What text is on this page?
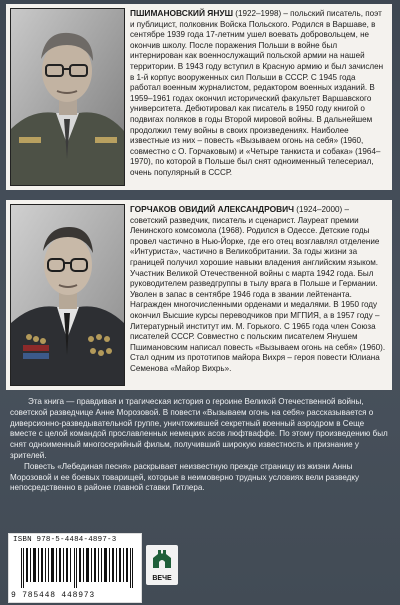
ПШИМАНОВСКИЙ ЯНУШ (1922–1998) – польский писатель, поэт и публицист, полковник Войска Польского. Родился в Варшаве, в сентябре 1939 года 17-летним ушел воевать добровольцем, не окончив школу. После поражения Польши в войне был интернирован как военнослужащий польской армии на нашей территории. В 1943 году вступил в Красную армию и был зачислен в 1-й корпус вооруженных сил Польши в СССР. С 1945 года работал военным журналистом, редактором военных изданий. В 1959–1961 годах окончил исторический факультет Варшавского университета. Дебютировал как писатель в 1950 году книгой о подвигах поляков в годы Второй мировой войны. В дальнейшем продолжил тему войны в своих произведениях. Наиболее известные из них – повесть «Вызываем огонь на себя» (1960, совместно с О. Горчаковым) и «Четыре танкиста и собака» (1964–1970), по которой в Польше был снят одноименный телесериал, очень популярный в СССР.

ГОРЧАКОВ ОВИДИЙ АЛЕКСАНДРОВИЧ (1924–2000) – советский разведчик, писатель и сценарист. Лауреат премии Ленинского комсомола (1968). Родился в Одессе. Детские годы провел частично в Нью-Йорке, где его отец возглавлял отделение «Интуриста», частично в Великобритании. За годы жизни за границей получил хорошие навыки владения английским языком. Участник Великой Отечественной войны с марта 1942 года. Был руководителем разведгруппы в тылу врага в Польше и Германии. Уволен в запас в сентябре 1946 года в звании лейтенанта. Награжден многочисленными орденами и медалями. В 1950 году окончил Высшие курсы переводчиков при МГПИЯ, а в 1957 году – Литературный институт им. М. Горького. С 1965 года член Союза писателей СССР. Совместно с польским писателем Янушем Пшимановским написал повесть «Вызываем огонь на себя» (1960). Стал одним из прототипов майора Вихря – героя повести Юлиана Семенова «Майор Вихрь».

Эта книга — правдивая и трагическая история о героине Великой Отечественной войны, советской разведчице Анне Морозовой. В повести «Вызываем огонь на себя» рассказывается о диверсионно-разведывательной группе, уничтожившей секретный военный аэродром в Сеще вместе с целой командой прославленных немецких асов люфтваффе. По этому произведению был снят одноименный многосерийный фильм, получивший широкую известность и признание у зрителей.

Повесть «Лебединая песня» раскрывает неизвестную прежде страницу из жизни Анны Морозовой и ее боевых товарищей, которые в неимоверно трудных условиях вели разведку непосредственно в районе главной ставки Гитлера.

ISBN 978-5-4484-4897-3
9 785448 448973
ВЕЧЕ
